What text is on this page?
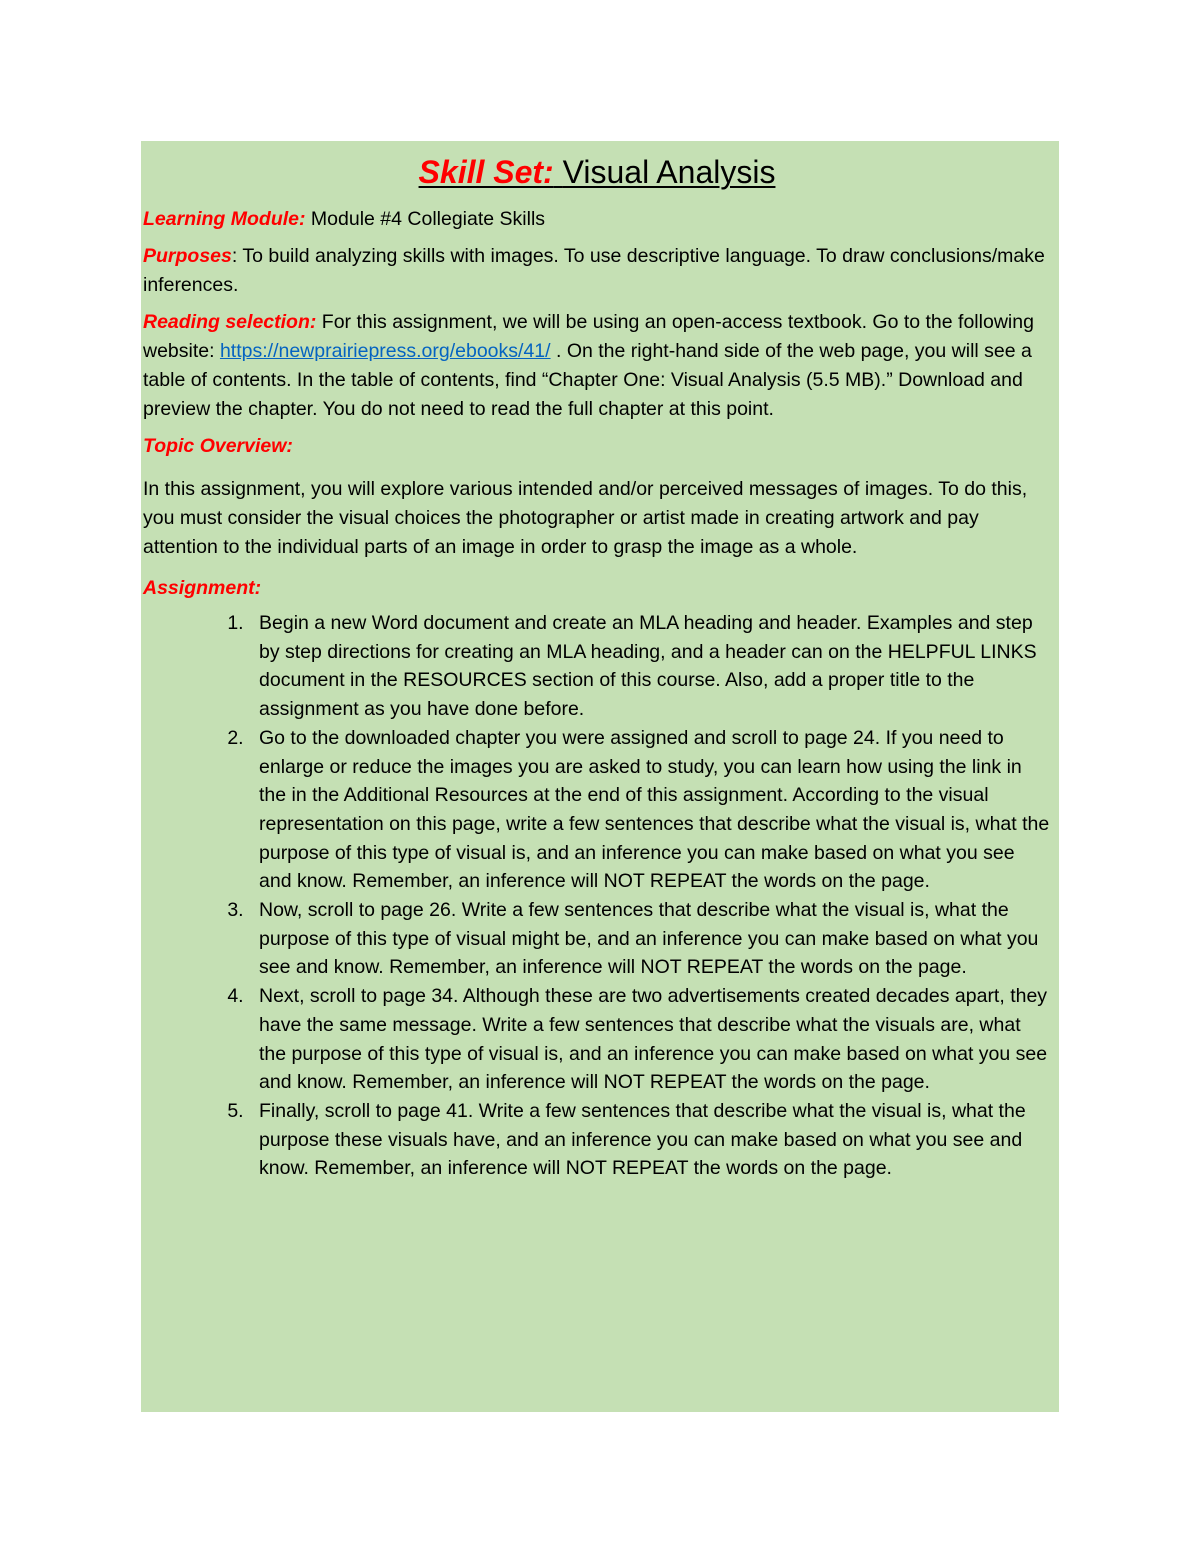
Skill Set: Visual Analysis

Learning Module: Module #4 Collegiate Skills

Purposes: To build analyzing skills with images. To use descriptive language. To draw conclusions/make inferences.

Reading selection: For this assignment, we will be using an open-access textbook. Go to the following website: https://newprairiepress.org/ebooks/41/ . On the right-hand side of the web page, you will see a table of contents. In the table of contents, find “Chapter One: Visual Analysis (5.5 MB).” Download and preview the chapter. You do not need to read the full chapter at this point.

Topic Overview:

In this assignment, you will explore various intended and/or perceived messages of images. To do this, you must consider the visual choices the photographer or artist made in creating artwork and pay attention to the individual parts of an image in order to grasp the image as a whole.

Assignment:

1. Begin a new Word document and create an MLA heading and header. Examples and step by step directions for creating an MLA heading, and a header can on the HELPFUL LINKS document in the RESOURCES section of this course. Also, add a proper title to the assignment as you have done before.
2. Go to the downloaded chapter you were assigned and scroll to page 24. If you need to enlarge or reduce the images you are asked to study, you can learn how using the link in the in the Additional Resources at the end of this assignment. According to the visual representation on this page, write a few sentences that describe what the visual is, what the purpose of this type of visual is, and an inference you can make based on what you see and know. Remember, an inference will NOT REPEAT the words on the page.
3. Now, scroll to page 26. Write a few sentences that describe what the visual is, what the purpose of this type of visual might be, and an inference you can make based on what you see and know. Remember, an inference will NOT REPEAT the words on the page.
4. Next, scroll to page 34. Although these are two advertisements created decades apart, they have the same message. Write a few sentences that describe what the visuals are, what the purpose of this type of visual is, and an inference you can make based on what you see and know. Remember, an inference will NOT REPEAT the words on the page.
5. Finally, scroll to page 41. Write a few sentences that describe what the visual is, what the purpose these visuals have, and an inference you can make based on what you see and know. Remember, an inference will NOT REPEAT the words on the page.
